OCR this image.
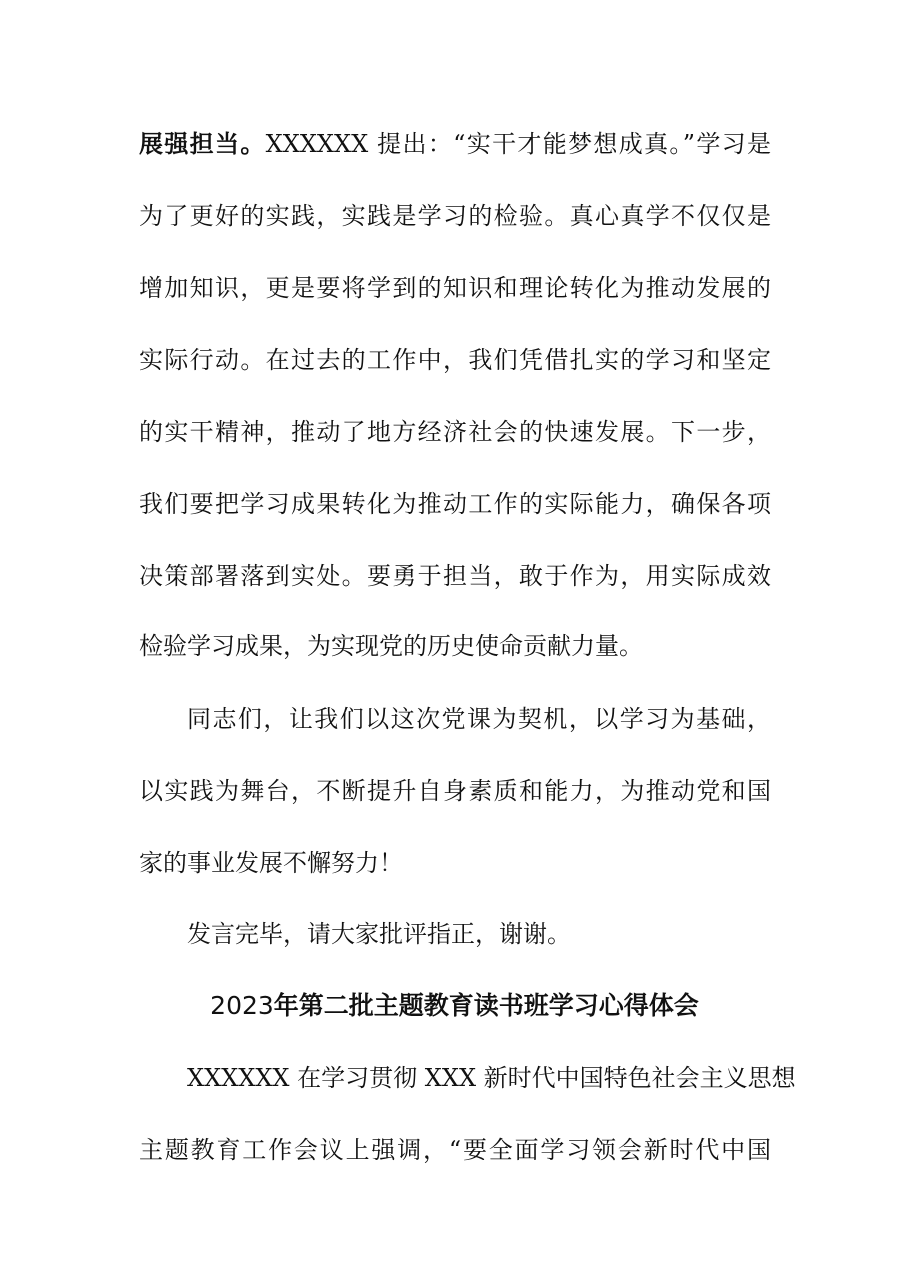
展强担当。XXXXXX 提出：“实干才能梦想成真。”学习是
为了更好的实践，实践是学习的检验。真心真学不仅仅是
增加知识，更是要将学到的知识和理论转化为推动发展的
实际行动。在过去的工作中，我们凭借扎实的学习和坚定
的实干精神，推动了地方经济社会的快速发展。下一步，
我们要把学习成果转化为推动工作的实际能力，确保各项
决策部署落到实处。要勇于担当，敢于作为，用实际成效
检验学习成果，为实现党的历史使命贡献力量。
同志们，让我们以这次党课为契机，以学习为基础，
以实践为舞台，不断提升自身素质和能力，为推动党和国
家的事业发展不懈努力！
发言完毕，请大家批评指正，谢谢。
2023年第二批主题教育读书班学习心得体会
XXXXXX 在学习贯彻 XXX 新时代中国特色社会主义思想
主题教育工作会议上强调，“要全面学习领会新时代中国
